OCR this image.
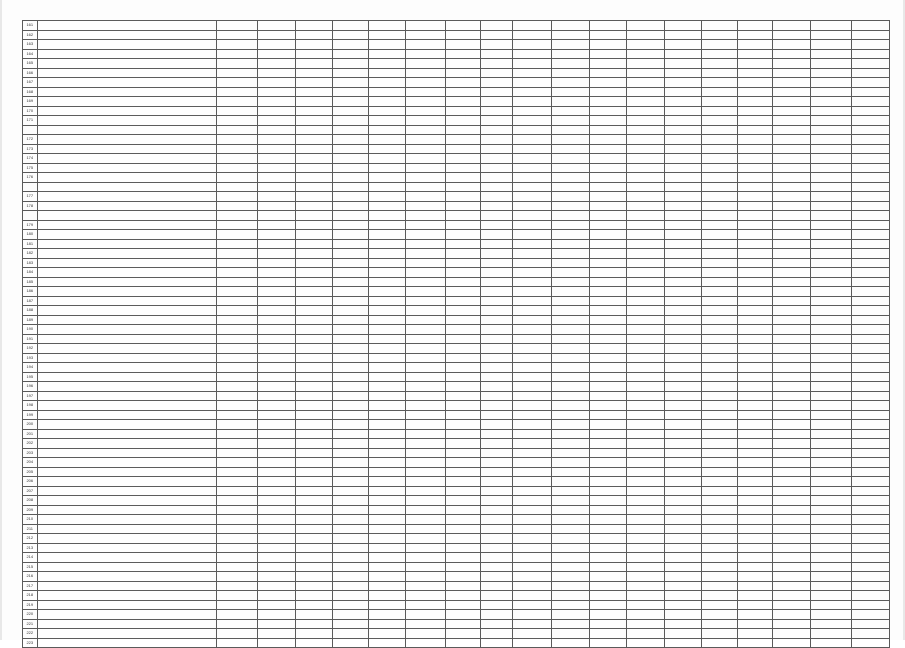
161																			
162																			
163																			
164																			
165																			
166																			
167																			
168																			
169																			
170																			
171																			

172																			
173																			
174																			
175																			
176																			

177																			
178																			

179																			
180																			
181																			
182																			
183																			
184																			
185																			
186																			
187																			
188																			
189																			
190																			
191																			
192																			
193																			
194																			
195																			
196																			
197																			
198																			
199																			
200																			
201																			
202																			
203																			
204																			
205																			
206																			
207																			
208																			
209																			
210																			
211																			
212																			
213																			
214																			
215																			
216																			
217																			
218																			
219																			
220																			
221																			
222																			
223																			
